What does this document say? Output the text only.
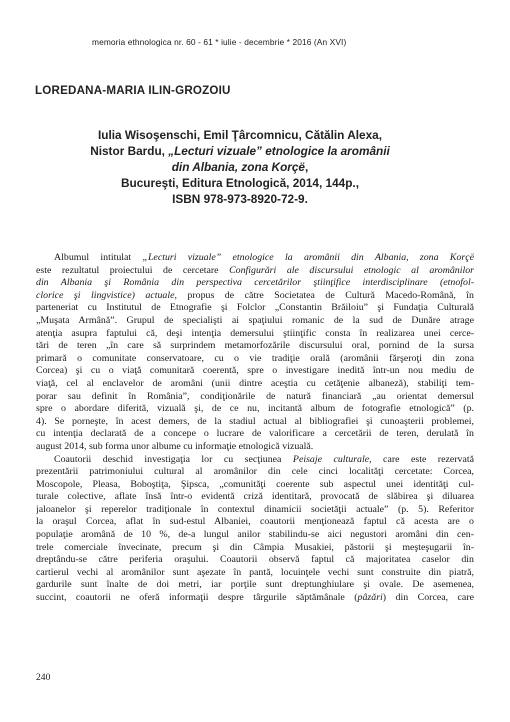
memoria ethnologica nr. 60 - 61 * iulie - decembrie * 2016 (An XVI)
LOREDANA-MARIA ILIN-GROZOIU
Iulia Wisoşenschi, Emil Ţârcomnicu, Cătălin Alexa,
Nistor Bardu, „Lecturi vizuale” etnologice la aromânii
din Albania, zona Korçë,
Bucureşti, Editura Etnologică, 2014, 144p.,
ISBN 978-973-8920-72-9.
Albumul intitulat „Lecturi vizuale” etnologice la aromânii din Albania, zona Korçë
este rezultatul proiectului de cercetare Configurări ale discursului etnologic al aromânilor
din Albania şi România din perspectiva cercetărilor ştiinţifice interdisciplinare (etnofol-
clorice şi lingvistice) actuale, propus de către Societatea de Cultură Macedo-Română, în
parteneriat cu Institutul de Etnografie şi Folclor „Constantin Brăiloiu” şi Fundaţia Culturală
„Muşata Armână”. Grupul de specialişti ai spaţiului romanic de la sud de Dunăre atrage
atenţia asupra faptului că, deşi intenţia demersului ştiinţific consta în realizarea unei cerce-
tări de teren „în care să surprindem metamorfozările discursului oral, pornind de la sursa
primară o comunitate conservatoare, cu o vie tradiţie orală (aromânii fărşeroţi din zona
Corcea) şi cu o viaţă comunitară coerentă, spre o investigare inedită într-un nou mediu de
viaţă, cel al enclavelor de aromâni (unii dintre aceştia cu cetăţenie albaneză), stabiliţi tem-
porar sau definit în România”, condiţionările de natură financiară „au orientat demersul
spre o abordare diferită, vizuală şi, de ce nu, incitantă album de fotografie etnologică” (p.
4). Se porneşte, în acest demers, de la stadiul actual al bibliografiei şi cunoaşterii problemei,
cu intenţia declarată de a concepe o lucrare de valorificare a cercetării de teren, derulată în
august 2014, sub forma unor albume cu informaţie etnologică vizuală.
Coautorii deschid investigaţia lor cu secţiunea Peisaje culturale, care este rezervată
prezentării patrimoniului cultural al aromânilor din cele cinci localităţi cercetate: Corcea,
Moscopole, Pleasa, Boboştiţa, Şipsca, „comunităţi coerente sub aspectul unei identităţi cul-
turale colective, aflate însă într-o evidentă criză identitară, provocată de slăbirea şi diluarea
jaloanelor şi reperelor tradiţionale în contextul dinamicii societăţii actuale” (p. 5). Referitor
la oraşul Corcea, aflat în sud-estul Albaniei, coautorii menţionează faptul că acesta are o
populaţie aromână de 10 %, de-a lungul anilor stabilindu-se aici negustori aromâni din cen-
trele comerciale învecinate, precum şi din Câmpia Musakiei, păstorii şi meşteşugarii în-
dreptându-se către periferia oraşului. Coautorii observă faptul că majoritatea caselor din
cartierul vechi al aromânilor sunt aşezate în pantă, locuinţele vechi sunt construite din piatră,
gardurile sunt înalte de doi metri, iar porţile sunt dreptunghiulare şi ovale. De asemenea,
succint, coautorii ne oferă informaţii despre târgurile săptămânale (pâzări) din Corcea, care
240
